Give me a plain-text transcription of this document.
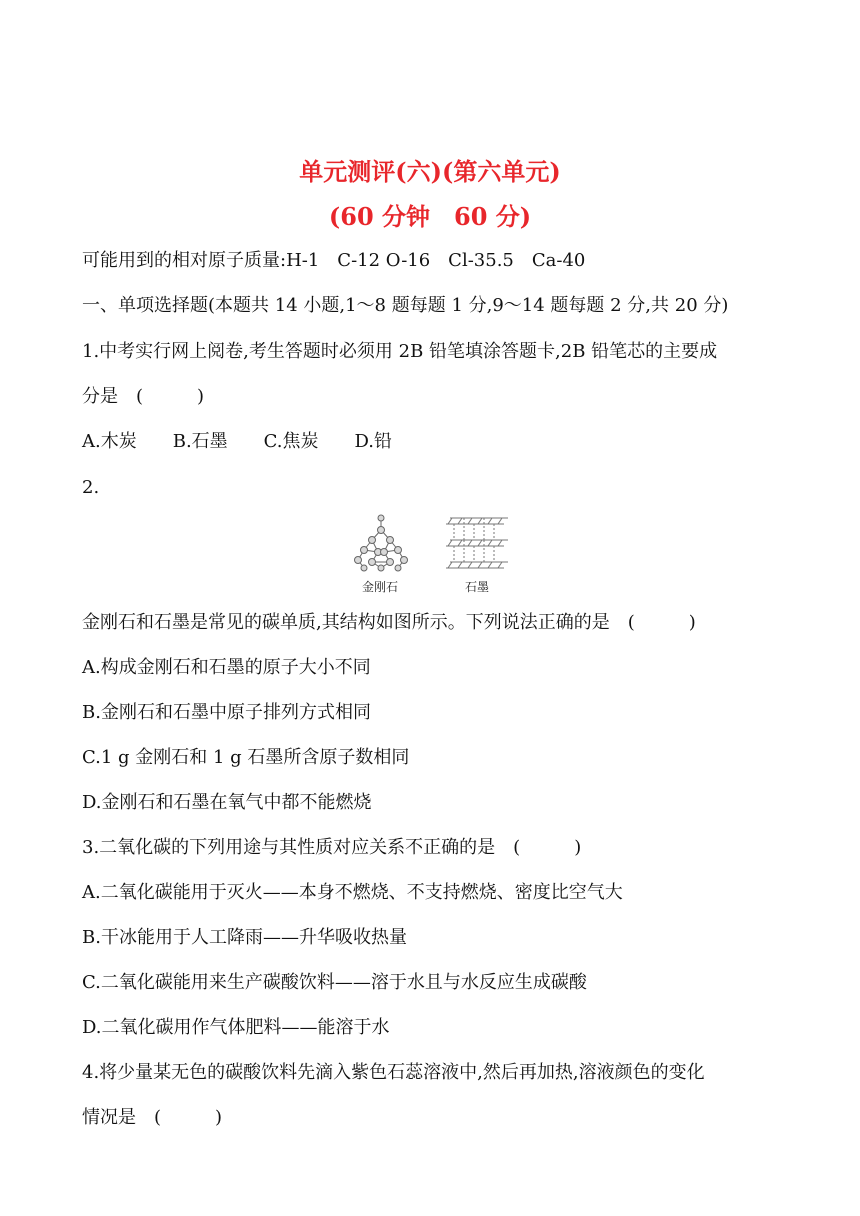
单元测评(六)(第六单元)
(60 分钟　60 分)
可能用到的相对原子质量:H-1　C-12 O-16　Cl-35.5　Ca-40
一、单项选择题(本题共 14 小题,1～8 题每题 1 分,9～14 题每题 2 分,共 20 分)
1.中考实行网上阅卷,考生答题时必须用 2B 铅笔填涂答题卡,2B 铅笔芯的主要成
分是　(　　　)
A.木炭　　B.石墨　　C.焦炭　　D.铅
2.
金刚石	石墨
金刚石和石墨是常见的碳单质,其结构如图所示。下列说法正确的是　(　　　)
A.构成金刚石和石墨的原子大小不同
B.金刚石和石墨中原子排列方式相同
C.1 g 金刚石和 1 g 石墨所含原子数相同
D.金刚石和石墨在氧气中都不能燃烧
3.二氧化碳的下列用途与其性质对应关系不正确的是　(　　　)
A.二氧化碳能用于灭火——本身不燃烧、不支持燃烧、密度比空气大
B.干冰能用于人工降雨——升华吸收热量
C.二氧化碳能用来生产碳酸饮料——溶于水且与水反应生成碳酸
D.二氧化碳用作气体肥料——能溶于水
4.将少量某无色的碳酸饮料先滴入紫色石蕊溶液中,然后再加热,溶液颜色的变化
情况是　(　　　)
